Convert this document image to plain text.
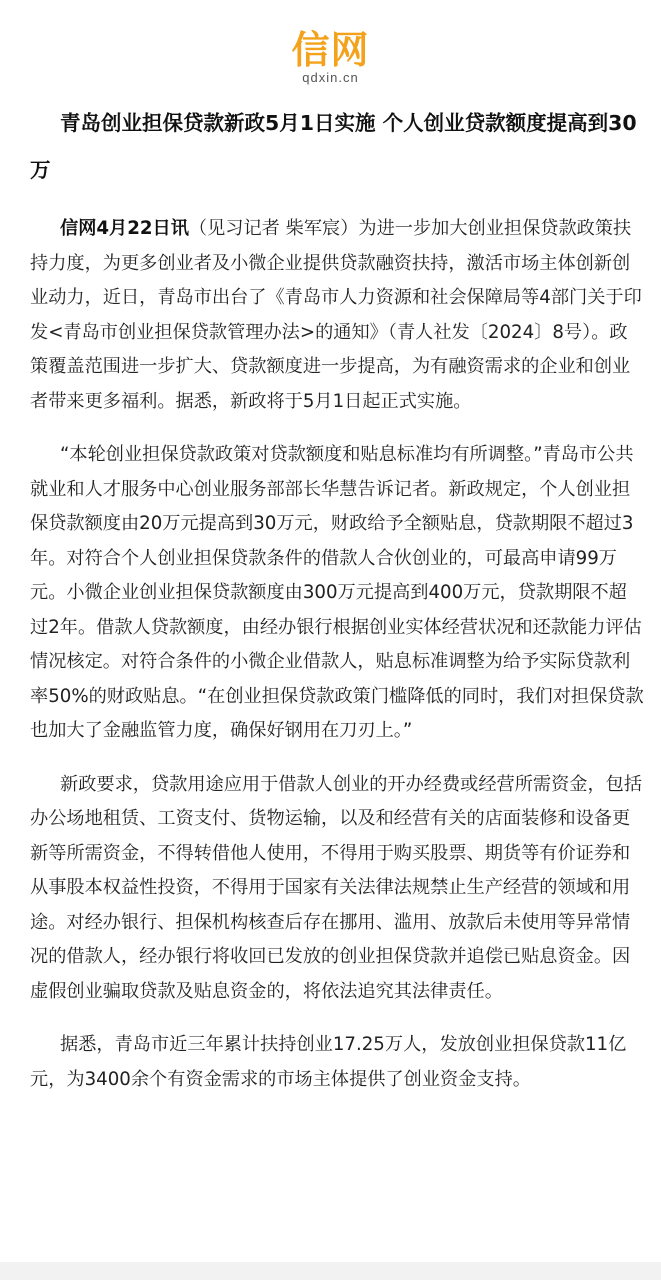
信网
qdxin.cn
青岛创业担保贷款新政5月1日实施 个人创业贷款额度提高到30万

信网4月22日讯（见习记者 柴军宸）为进一步加大创业担保贷款政策扶持力度，为更多创业者及小微企业提供贷款融资扶持，激活市场主体创新创业动力，近日，青岛市出台了《青岛市人力资源和社会保障局等4部门关于印发<青岛市创业担保贷款管理办法>的通知》（青人社发〔2024〕8号）。政策覆盖范围进一步扩大、贷款额度进一步提高，为有融资需求的企业和创业者带来更多福利。据悉，新政将于5月1日起正式实施。

“本轮创业担保贷款政策对贷款额度和贴息标准均有所调整。”青岛市公共就业和人才服务中心创业服务部部长华慧告诉记者。新政规定，个人创业担保贷款额度由20万元提高到30万元，财政给予全额贴息，贷款期限不超过3年。对符合个人创业担保贷款条件的借款人合伙创业的，可最高申请99万元。小微企业创业担保贷款额度由300万元提高到400万元，贷款期限不超过2年。借款人贷款额度，由经办银行根据创业实体经营状况和还款能力评估情况核定。对符合条件的小微企业借款人，贴息标准调整为给予实际贷款利率50%的财政贴息。“在创业担保贷款政策门槛降低的同时，我们对担保贷款也加大了金融监管力度，确保好钢用在刀刃上。”

新政要求，贷款用途应用于借款人创业的开办经费或经营所需资金，包括办公场地租赁、工资支付、货物运输，以及和经营有关的店面装修和设备更新等所需资金，不得转借他人使用，不得用于购买股票、期货等有价证券和从事股本权益性投资，不得用于国家有关法律法规禁止生产经营的领域和用途。对经办银行、担保机构核查后存在挪用、滥用、放款后未使用等异常情况的借款人，经办银行将收回已发放的创业担保贷款并追偿已贴息资金。因虚假创业骗取贷款及贴息资金的，将依法追究其法律责任。

据悉，青岛市近三年累计扶持创业17.25万人，发放创业担保贷款11亿元，为3400余个有资金需求的市场主体提供了创业资金支持。
